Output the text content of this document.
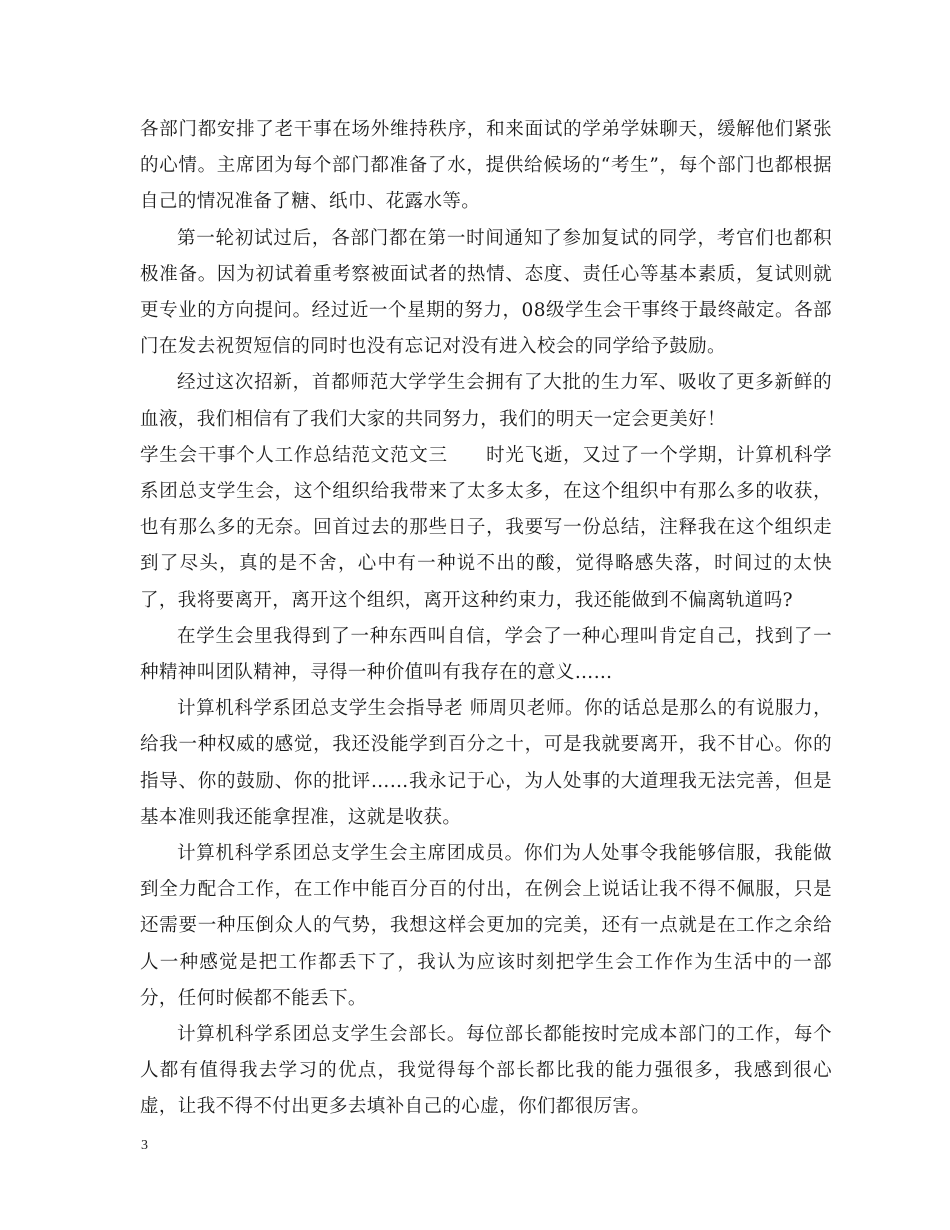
各部门都安排了老干事在场外维持秩序，和来面试的学弟学妹聊天，缓解他们紧张的心情。主席团为每个部门都准备了水，提供给候场的“考生”，每个部门也都根据自己的情况准备了糖、纸巾、花露水等。

第一轮初试过后，各部门都在第一时间通知了参加复试的同学，考官们也都积极准备。因为初试着重考察被面试者的热情、态度、责任心等基本素质，复试则就更专业的方向提问。经过近一个星期的努力，08级学生会干事终于最终敲定。各部门在发去祝贺短信的同时也没有忘记对没有进入校会的同学给予鼓励。

经过这次招新，首都师范大学学生会拥有了大批的生力军、吸收了更多新鲜的血液，我们相信有了我们大家的共同努力，我们的明天一定会更美好！

学生会干事个人工作总结范文范文三　　时光飞逝，又过了一个学期，计算机科学系团总支学生会，这个组织给我带来了太多太多，在这个组织中有那么多的收获，也有那么多的无奈。回首过去的那些日子，我要写一份总结，注释我在这个组织走到了尽头，真的是不舍，心中有一种说不出的酸，觉得略感失落，时间过的太快了，我将要离开，离开这个组织，离开这种约束力，我还能做到不偏离轨道吗?

在学生会里我得到了一种东西叫自信，学会了一种心理叫肯定自己，找到了一种精神叫团队精神，寻得一种价值叫有我存在的意义……

计算机科学系团总支学生会指导老 师周贝老师。你的话总是那么的有说服力，给我一种权威的感觉，我还没能学到百分之十，可是我就要离开，我不甘心。你的指导、你的鼓励、你的批评……我永记于心，为人处事的大道理我无法完善，但是基本准则我还能拿捏准，这就是收获。

计算机科学系团总支学生会主席团成员。你们为人处事令我能够信服，我能做到全力配合工作，在工作中能百分百的付出，在例会上说话让我不得不佩服，只是还需要一种压倒众人的气势，我想这样会更加的完美，还有一点就是在工作之余给人一种感觉是把工作都丢下了，我认为应该时刻把学生会工作作为生活中的一部分，任何时候都不能丢下。

计算机科学系团总支学生会部长。每位部长都能按时完成本部门的工作，每个人都有值得我去学习的优点，我觉得每个部长都比我的能力强很多，我感到很心虚，让我不得不付出更多去填补自己的心虚，你们都很厉害。

3
